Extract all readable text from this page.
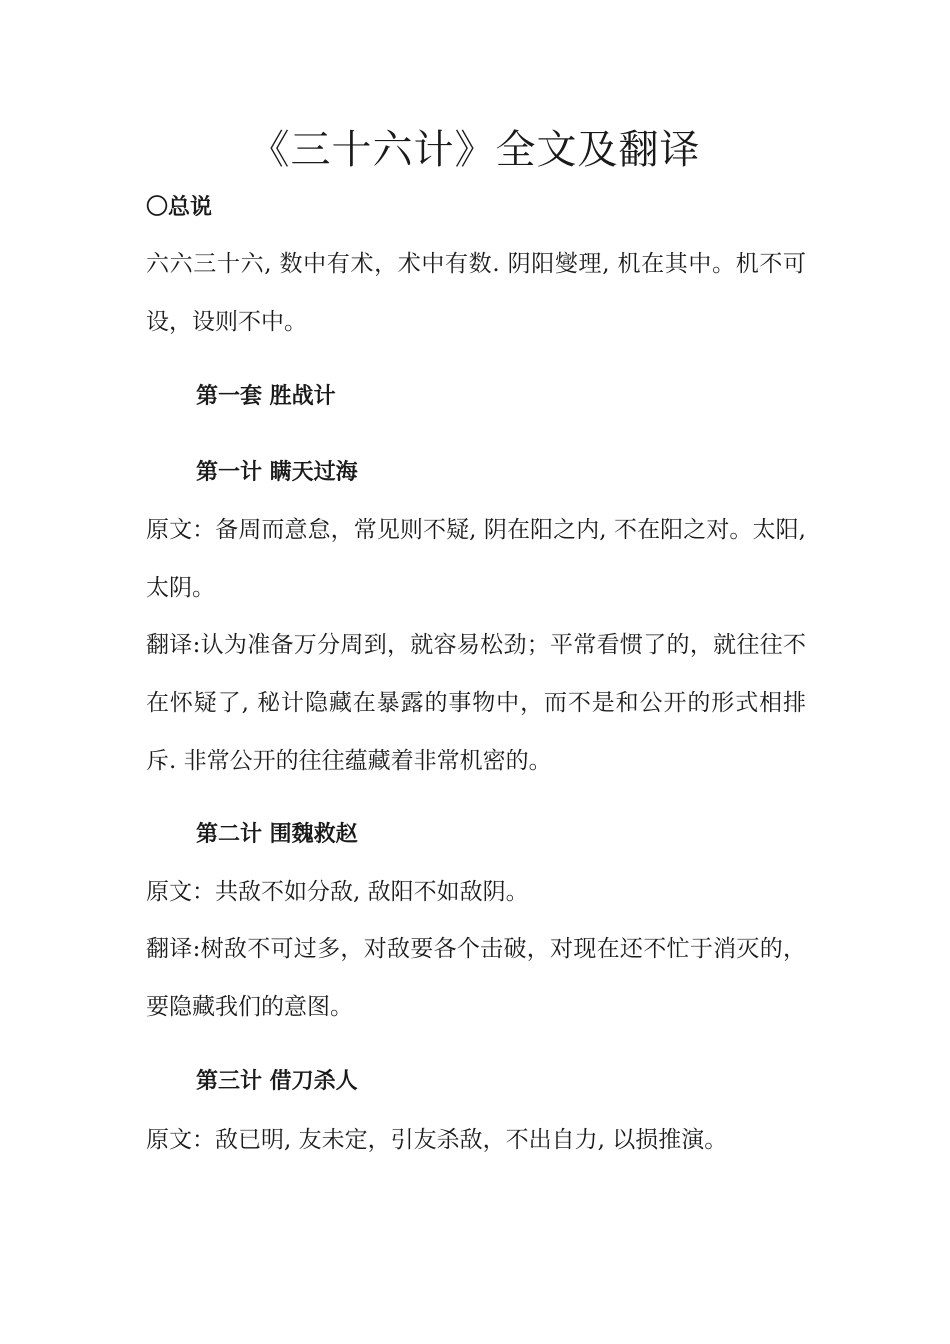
《三十六计》全文及翻译

〇总说

六六三十六, 数中有术，术中有数. 阴阳燮理, 机在其中。机不可设，设则不中。

第一套 胜战计

第一计 瞒天过海

原文：备周而意怠，常见则不疑, 阴在阳之内, 不在阳之对。太阳, 太阴。

翻译:认为准备万分周到，就容易松劲；平常看惯了的，就往往不在怀疑了, 秘计隐藏在暴露的事物中，而不是和公开的形式相排斥. 非常公开的往往蕴藏着非常机密的。

第二计 围魏救赵

原文：共敌不如分敌, 敌阳不如敌阴。

翻译:树敌不可过多，对敌要各个击破，对现在还不忙于消灭的，要隐藏我们的意图。

第三计 借刀杀人

原文：敌已明, 友未定，引友杀敌，不出自力, 以损推演。
